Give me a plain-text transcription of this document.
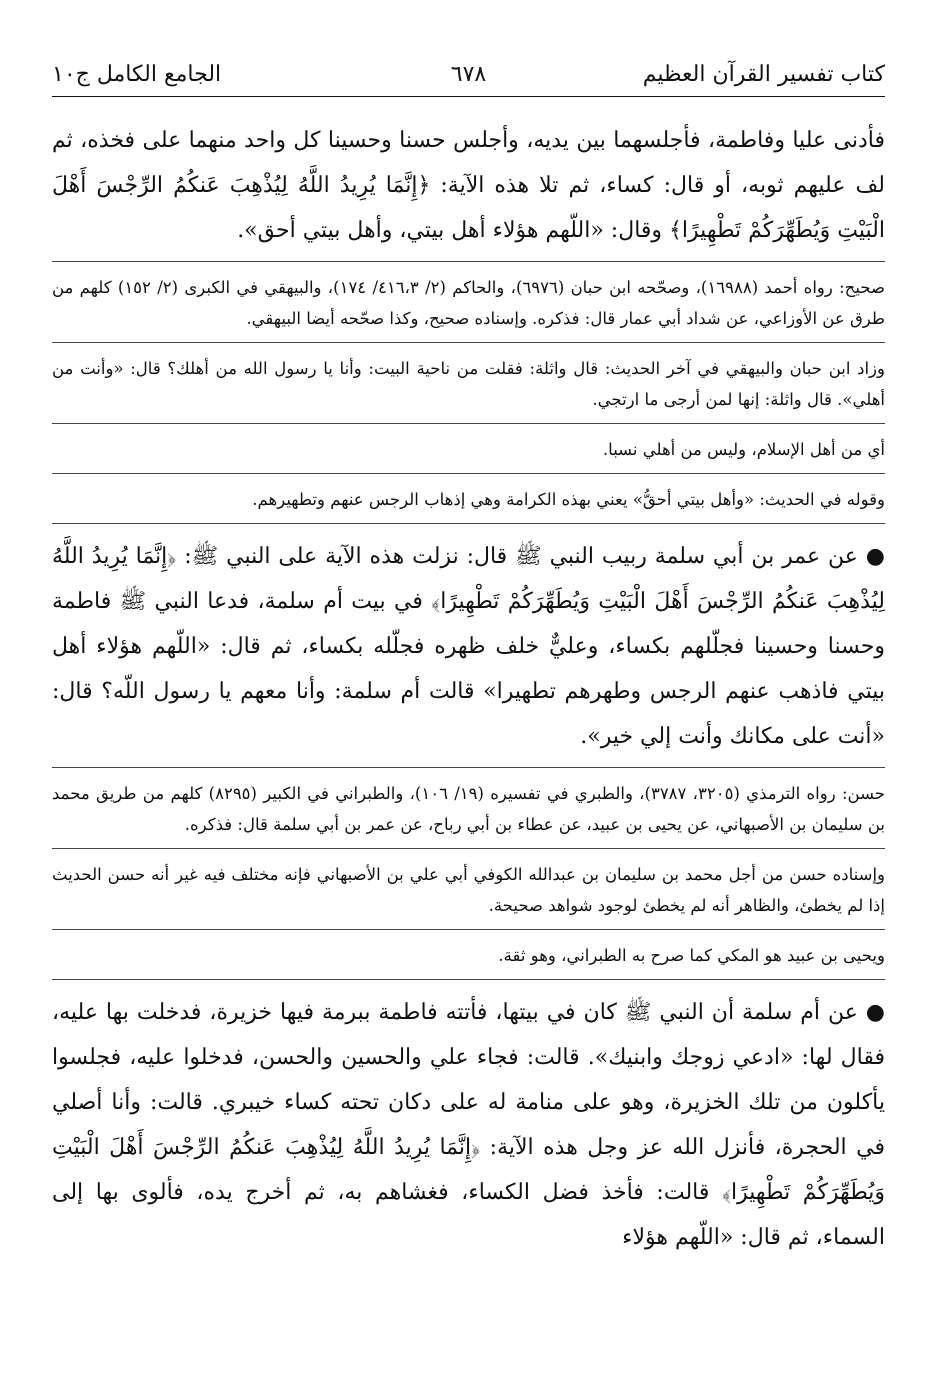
كتاب تفسير القرآن العظيم
٦٧٨
الجامع الكامل ج١٠

فأدنى عليا وفاطمة، فأجلسهما بين يديه، وأجلس حسنا وحسينا كل واحد منهما على فخذه، ثم لف عليهم ثوبه، أو قال: كساء، ثم تلا هذه الآية: ﴿إِنَّمَا يُرِيدُ اللَّهُ لِيُذْهِبَ عَنكُمُ الرِّجْسَ أَهْلَ الْبَيْتِ وَيُطَهِّرَكُمْ تَطْهِيرًا﴾ وقال: «اللّهم هؤلاء أهل بيتي، وأهل بيتي أحق».

صحيح: رواه أحمد (١٦٩٨٨)، وصحّحه ابن حبان (٦٩٧٦)، والحاكم (٢/ ٤١٦،٣/ ١٧٤)، والبيهقي في الكبرى (٢/ ١٥٢) كلهم من طرق عن الأوزاعي، عن شداد أبي عمار قال: فذكره. وإسناده صحيح، وكذا صحّحه أيضا البيهقي.

وزاد ابن حبان والبيهقي في آخر الحديث: قال واثلة: فقلت من ناحية البيت: وأنا يا رسول الله من أهلك؟ قال: «وأنت من أهلي». قال واثلة: إنها لمن أرجى ما ارتجي.

أي من أهل الإسلام، وليس من أهلي نسبا.

وقوله في الحديث: «وأهل بيتي أحقُّ» يعني بهذه الكرامة وهي إذهاب الرجس عنهم وتطهيرهم.

● عن عمر بن أبي سلمة ربيب النبي ﷺ قال: نزلت هذه الآية على النبي ﷺ: ﴿إِنَّمَا يُرِيدُ اللَّهُ لِيُذْهِبَ عَنكُمُ الرِّجْسَ أَهْلَ الْبَيْتِ وَيُطَهِّرَكُمْ تَطْهِيرًا﴾ في بيت أم سلمة، فدعا النبي ﷺ فاطمة وحسنا وحسينا فجلّلهم بكساء، وعليٌّ خلف ظهره فجلّله بكساء، ثم قال: «اللّهم هؤلاء أهل بيتي فاذهب عنهم الرجس وطهرهم تطهيرا» قالت أم سلمة: وأنا معهم يا رسول اللّه؟ قال: «أنت على مكانك وأنت إلي خير».

حسن: رواه الترمذي (٣٢٠٥، ٣٧٨٧)، والطبري في تفسيره (١٩/ ١٠٦)، والطبراني في الكبير (٨٢٩٥) كلهم من طريق محمد بن سليمان بن الأصبهاني، عن يحيى بن عبيد، عن عطاء بن أبي رباح، عن عمر بن أبي سلمة قال: فذكره.

وإسناده حسن من أجل محمد بن سليمان بن عبدالله الكوفي أبي علي بن الأصبهاني فإنه مختلف فيه غير أنه حسن الحديث إذا لم يخطئ، والظاهر أنه لم يخطئ لوجود شواهد صحيحة.

ويحيى بن عبيد هو المكي كما صرح به الطبراني، وهو ثقة.

● عن أم سلمة أن النبي ﷺ كان في بيتها، فأتته فاطمة ببرمة فيها خزيرة، فدخلت بها عليه، فقال لها: «ادعي زوجك وابنيك». قالت: فجاء علي والحسين والحسن، فدخلوا عليه، فجلسوا يأكلون من تلك الخزيرة، وهو على منامة له على دكان تحته كساء خيبري. قالت: وأنا أصلي في الحجرة، فأنزل الله عز وجل هذه الآية: ﴿إِنَّمَا يُرِيدُ اللَّهُ لِيُذْهِبَ عَنكُمُ الرِّجْسَ أَهْلَ الْبَيْتِ وَيُطَهِّرَكُمْ تَطْهِيرًا﴾ قالت: فأخذ فضل الكساء، فغشاهم به، ثم أخرج يده، فألوى بها إلى السماء، ثم قال: «اللّهم هؤلاء
